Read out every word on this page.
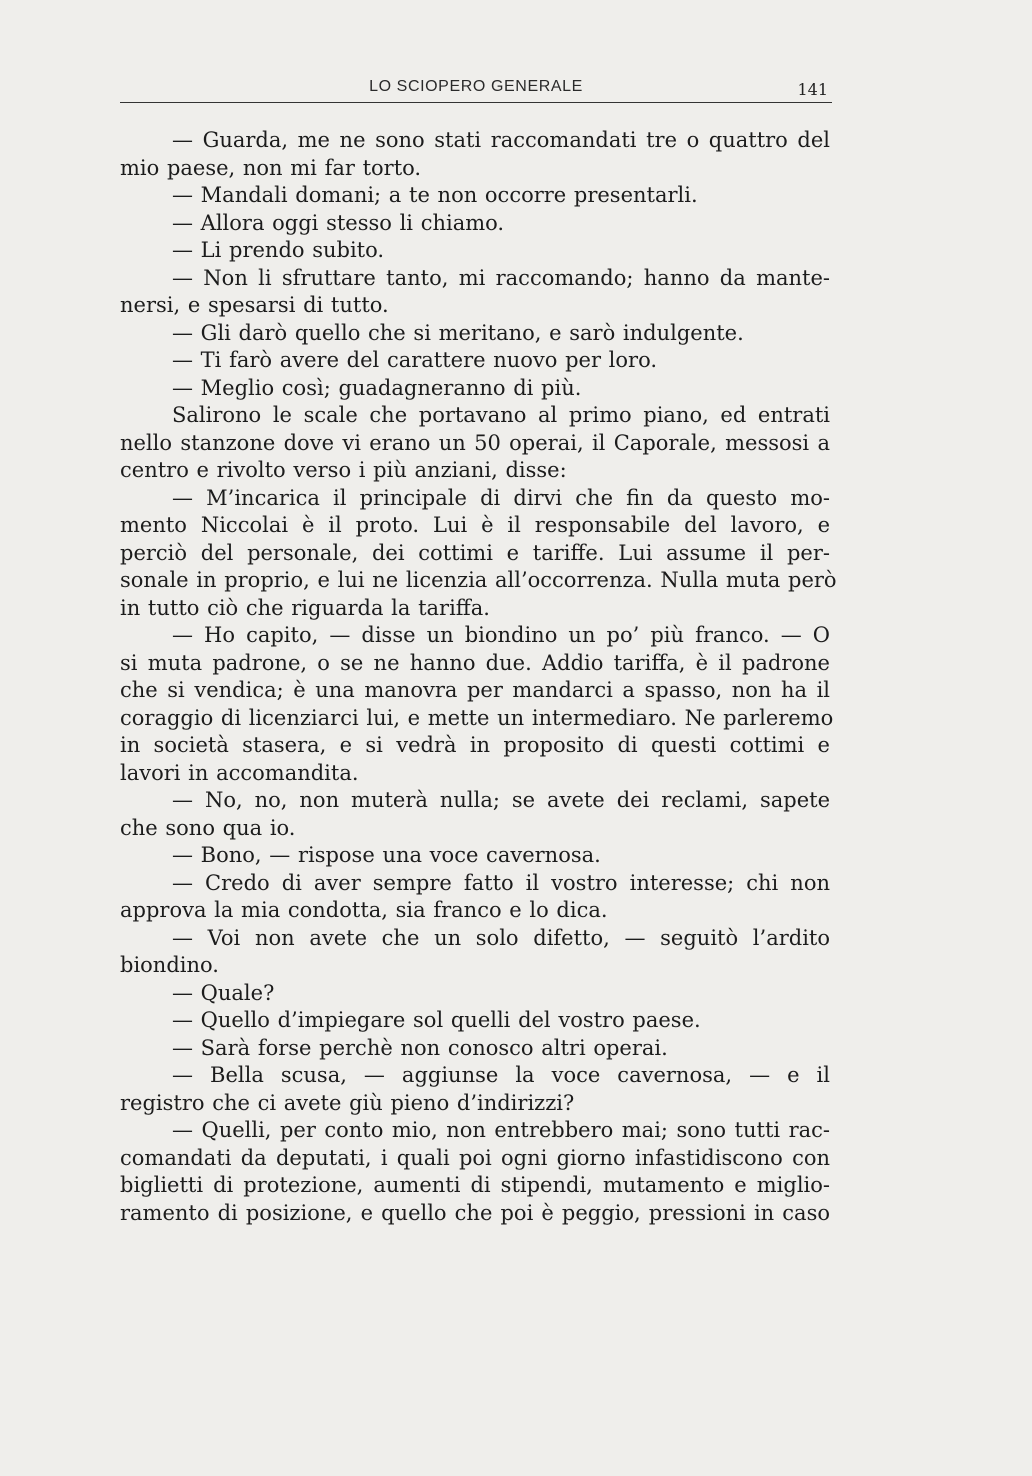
LO SCIOPERO GENERALE	141
— Guarda, me ne sono stati raccomandati tre o quattro del
mio paese, non mi far torto.
— Mandali domani; a te non occorre presentarli.
— Allora oggi stesso li chiamo.
— Li prendo subito.
— Non li sfruttare tanto, mi raccomando; hanno da mante-
nersi, e spesarsi di tutto.
— Gli darò quello che si meritano, e sarò indulgente.
— Ti farò avere del carattere nuovo per loro.
— Meglio così; guadagneranno di più.
Salirono le scale che portavano al primo piano, ed entrati
nello stanzone dove vi erano un 50 operai, il Caporale, messosi a
centro e rivolto verso i più anziani, disse:
— M’incarica il principale di dirvi che fin da questo mo-
mento Niccolai è il proto. Lui è il responsabile del lavoro, e
perciò del personale, dei cottimi e tariffe. Lui assume il per-
sonale in proprio, e lui ne licenzia all’occorrenza. Nulla muta però
in tutto ciò che riguarda la tariffa.
— Ho capito, — disse un biondino un po’ più franco. — O
si muta padrone, o se ne hanno due. Addio tariffa, è il padrone
che si vendica; è una manovra per mandarci a spasso, non ha il
coraggio di licenziarci lui, e mette un intermediaro. Ne parleremo
in società stasera, e si vedrà in proposito di questi cottimi e
lavori in accomandita.
— No, no, non muterà nulla; se avete dei reclami, sapete
che sono qua io.
— Bono, — rispose una voce cavernosa.
— Credo di aver sempre fatto il vostro interesse; chi non
approva la mia condotta, sia franco e lo dica.
— Voi non avete che un solo difetto, — seguitò l’ardito
biondino.
— Quale?
— Quello d’impiegare sol quelli del vostro paese.
— Sarà forse perchè non conosco altri operai.
— Bella scusa, — aggiunse la voce cavernosa, — e il
registro che ci avete giù pieno d’indirizzi?
— Quelli, per conto mio, non entrebbero mai; sono tutti rac-
comandati da deputati, i quali poi ogni giorno infastidiscono con
biglietti di protezione, aumenti di stipendi, mutamento e miglio-
ramento di posizione, e quello che poi è peggio, pressioni in caso
